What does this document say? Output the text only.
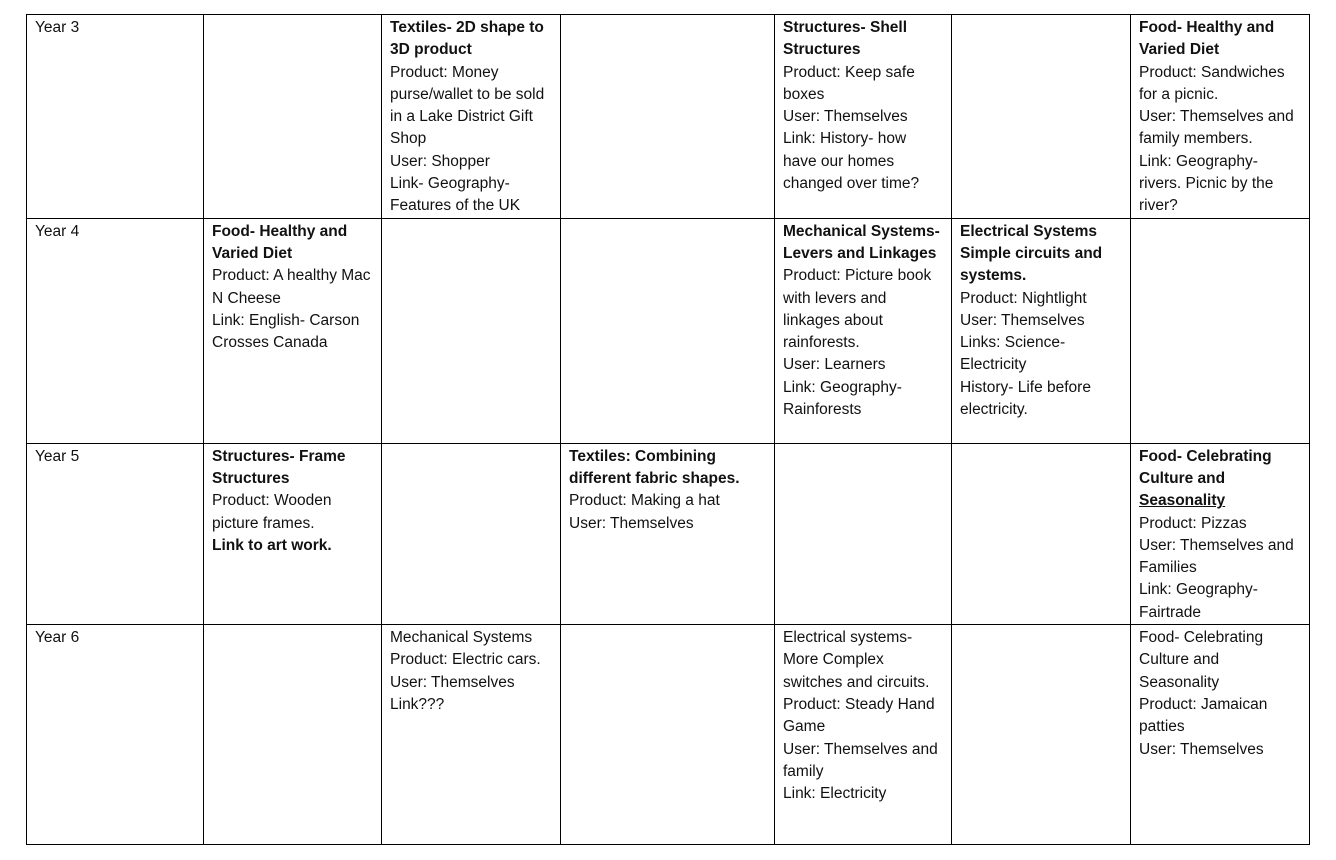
Year 3		Textiles- 2D shape to 3D product
Product: Money purse/wallet to be sold in a Lake District Gift Shop
User: Shopper
Link- Geography- Features of the UK		Structures- Shell Structures
Product: Keep safe boxes
User: Themselves
Link: History- how have our homes changed over time?		Food- Healthy and Varied Diet
Product: Sandwiches for a picnic.
User: Themselves and family members.
Link: Geography- rivers. Picnic by the river?

Year 4	Food- Healthy and Varied Diet
Product: A healthy Mac N Cheese
Link: English- Carson Crosses Canada			Mechanical Systems- Levers and Linkages
Product: Picture book with levers and linkages about rainforests.
User: Learners
Link: Geography- Rainforests	Electrical Systems Simple circuits and systems.
Product: Nightlight
User: Themselves
Links: Science- Electricity
History- Life before electricity.	

Year 5	Structures- Frame Structures
Product: Wooden picture frames.
Link to art work.		Textiles: Combining different fabric shapes.
Product: Making a hat
User: Themselves			Food- Celebrating Culture and
Seasonality
Product: Pizzas
User: Themselves and Families
Link: Geography- Fairtrade

Year 6		Mechanical Systems
Product: Electric cars.
User: Themselves
Link???		Electrical systems- More Complex switches and circuits.
Product: Steady Hand Game
User: Themselves and family
Link: Electricity		Food- Celebrating Culture and Seasonality
Product: Jamaican patties
User: Themselves
